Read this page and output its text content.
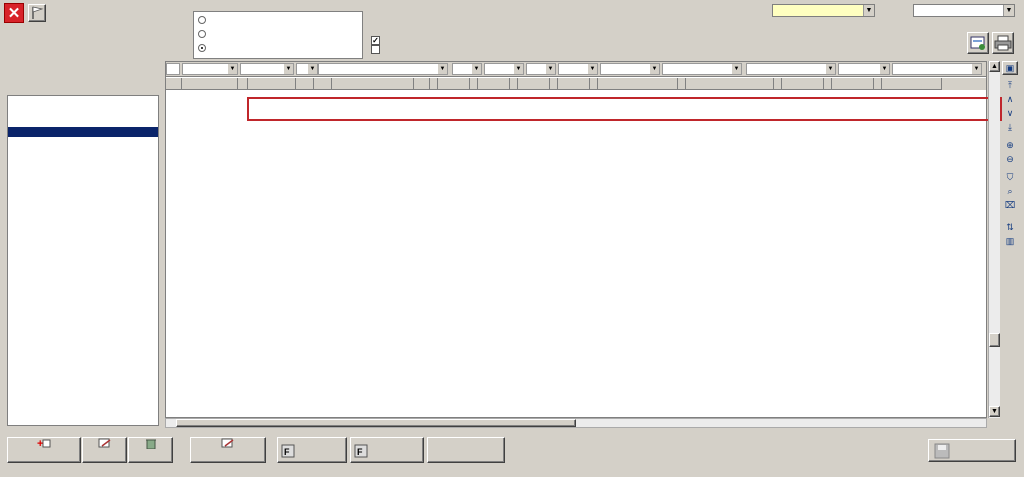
✕
✓
▼	▼
▼	▼	▼	▼	▼	▼	▼	▼	▼	▼	▼	▼	▼ ▲
▼
▣
⤒
∧
∨
⤓
⊕
⊖
⛉
⌕
⌧
⇅
▥
+

F	F
